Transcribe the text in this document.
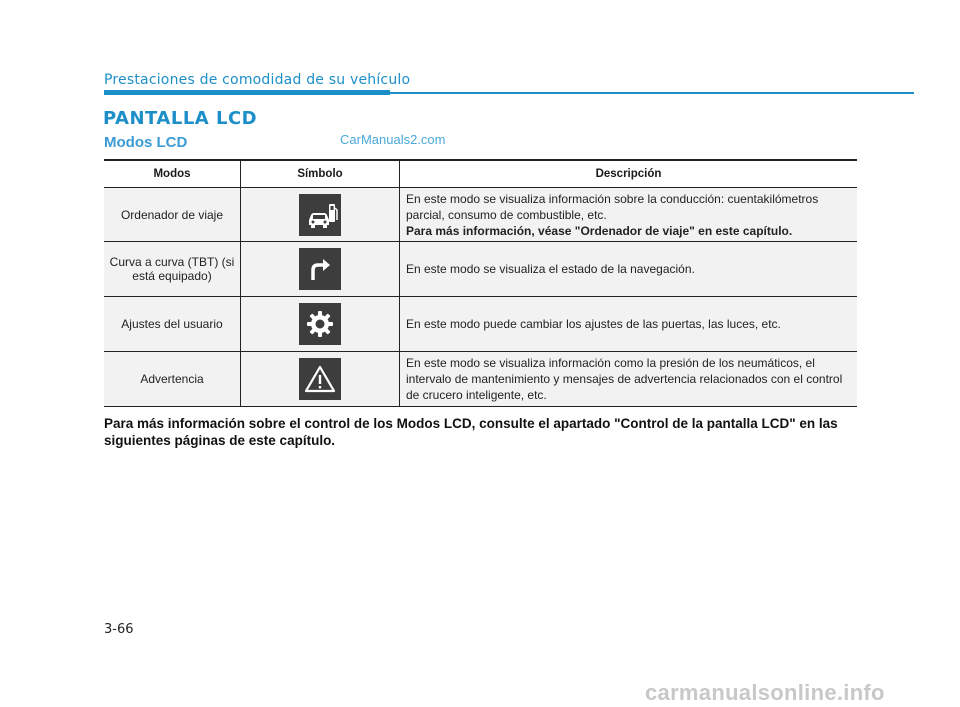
Prestaciones de comodidad de su vehículo
PANTALLA LCD
Modos LCD	CarManuals2.com
Modos	Símbolo	Descripción
Ordenador de viaje		En este modo se visualiza información sobre la conducción: cuentakilómetros parcial, consumo de combustible, etc.
Para más información, véase "Ordenador de viaje" en este capítulo.

Curva a curva (TBT) (si está equipado)		En este modo se visualiza el estado de la navegación.

Ajustes del usuario		En este modo puede cambiar los ajustes de las puertas, las luces, etc.

Advertencia		En este modo se visualiza información como la presión de los neumáticos, el intervalo de mantenimiento y mensajes de advertencia relacionados con el control de crucero inteligente, etc.
Para más información sobre el control de los Modos LCD, consulte el apartado "Control de la pantalla LCD" en las siguientes páginas de este capítulo.
3-66
carmanualsonline.info
